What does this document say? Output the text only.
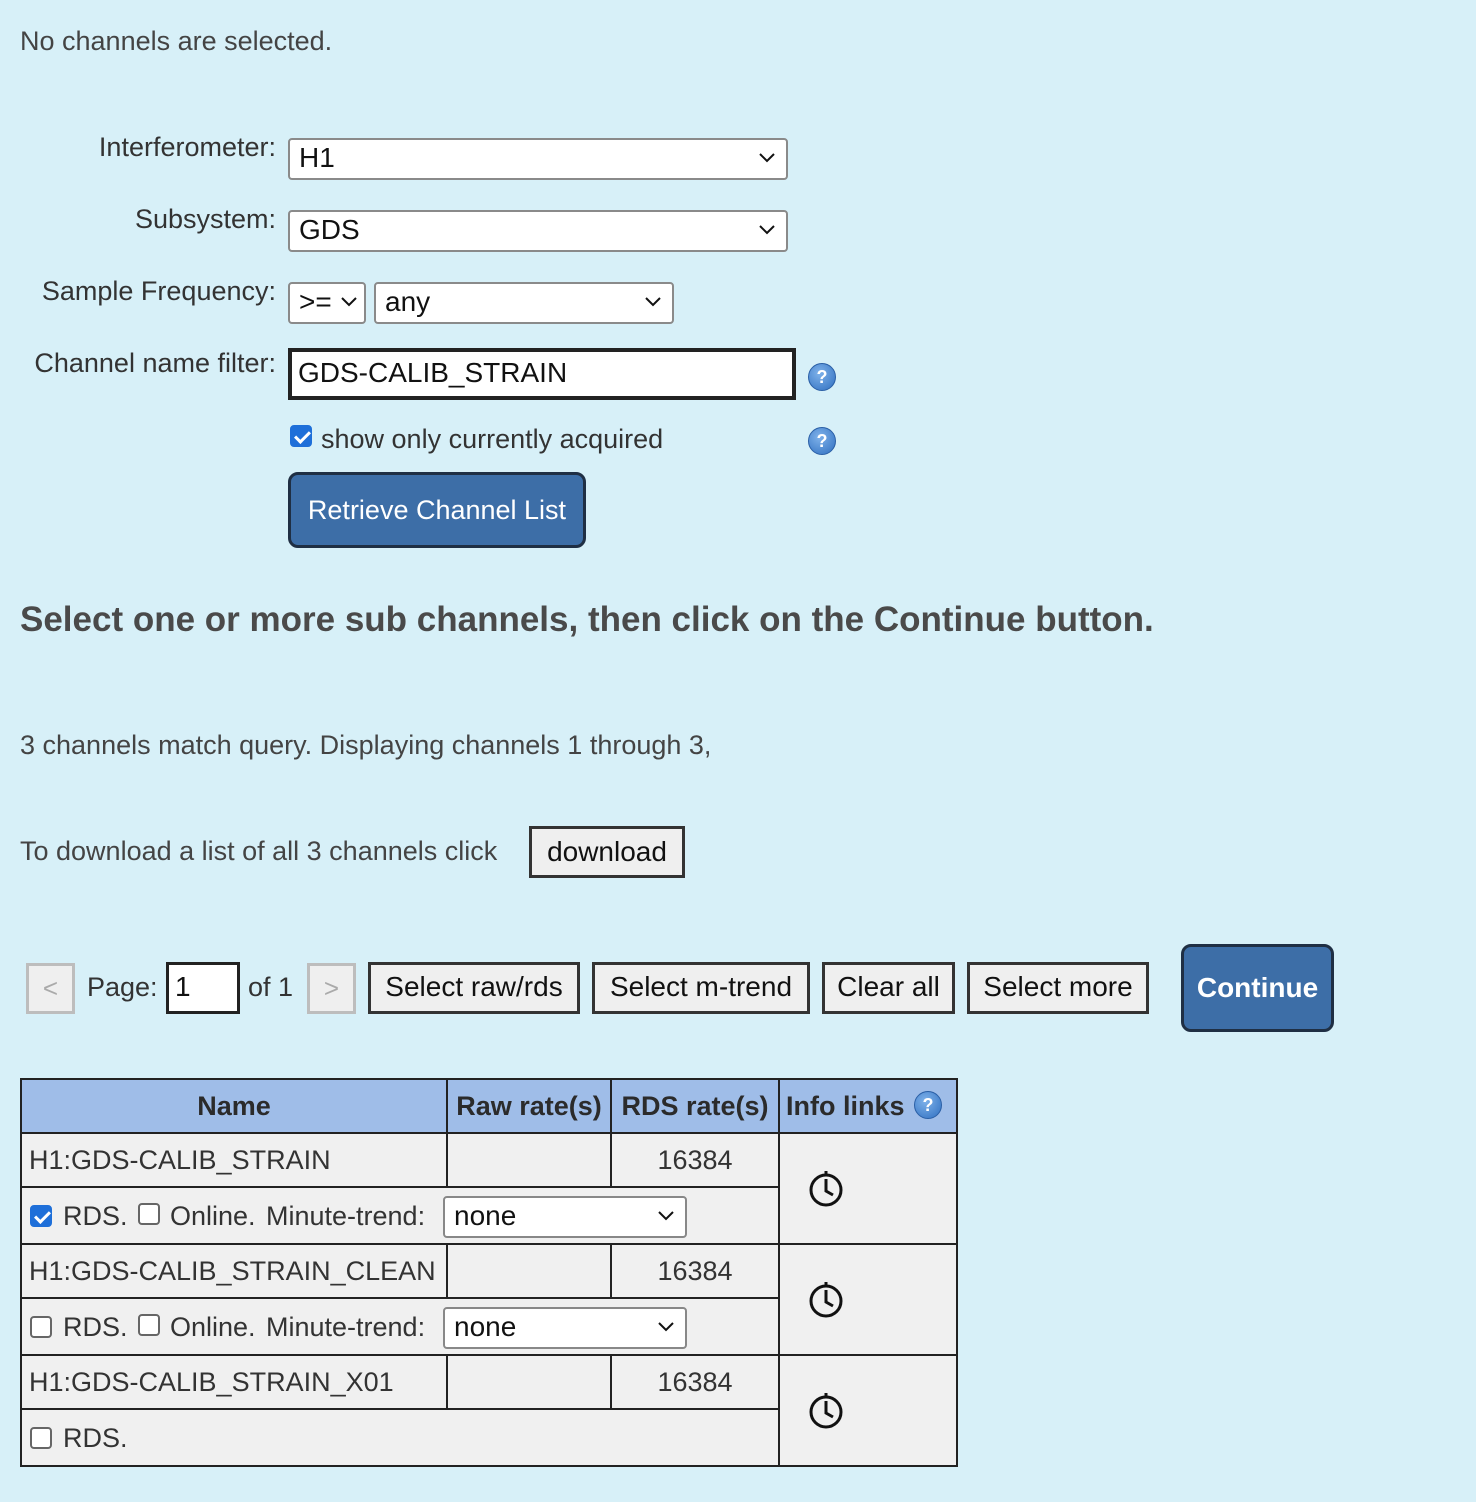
No channels are selected.
Interferometer: H1
Subsystem: GDS
Sample Frequency: >=	any
Channel name filter: GDS-CALIB_STRAIN	?
show only currently acquired	?
Retrieve Channel List
Select one or more sub channels, then click on the Continue button.
3 channels match query. Displaying channels 1 through 3,
To download a list of all 3 channels click	download
<	Page: 1	of 1	>	Select raw/rds	Select m-trend	Clear all	Select more	Continue
Name	Raw rate(s)	RDS rate(s)	Info links ?
H1:GDS-CALIB_STRAIN		16384	

RDS. Online. Minute-trend: none			

H1:GDS-CALIB_STRAIN_CLEAN		16384	

RDS. Online. Minute-trend: none			

H1:GDS-CALIB_STRAIN_X01		16384	

RDS.			
